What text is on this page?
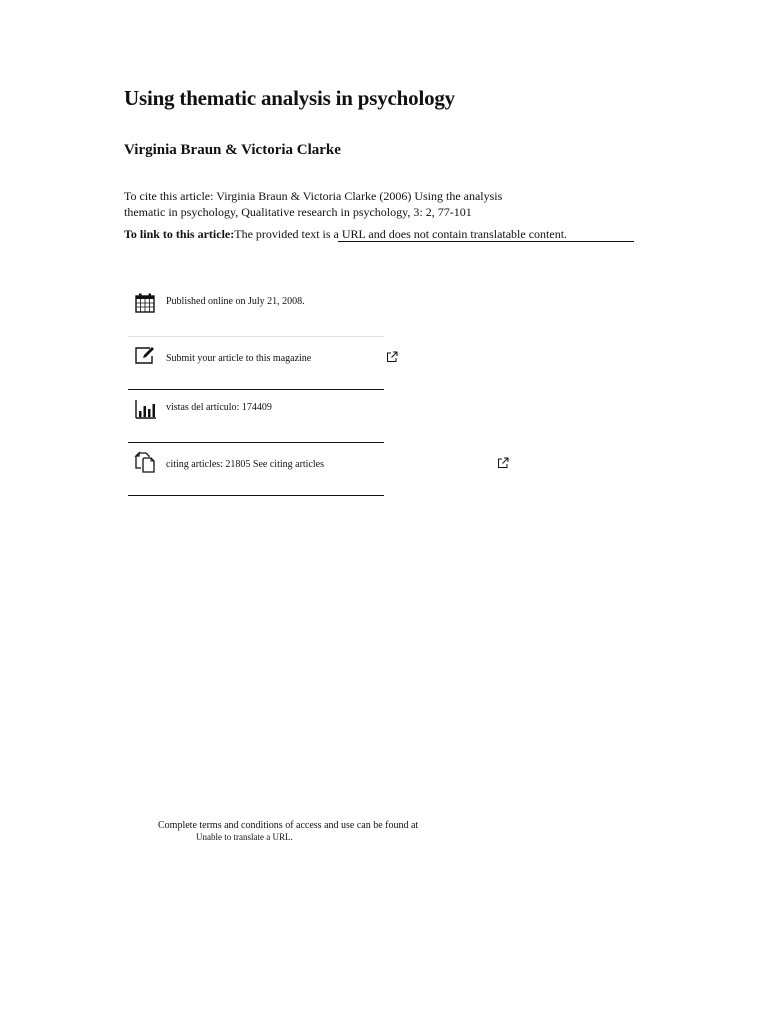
Using thematic analysis in psychology
Virginia Braun & Victoria Clarke
To cite this article: Virginia Braun & Victoria Clarke (2006) Using the analysis
thematic in psychology, Qualitative research in psychology, 3: 2, 77-101
To link to this article:The provided text is a URL and does not contain translatable content.
Published online on July 21, 2008.
Submit your article to this magazine
vistas del artículo: 174409
citing articles: 21805 See citing articles
Complete terms and conditions of access and use can be found at
Unable to translate a URL.
